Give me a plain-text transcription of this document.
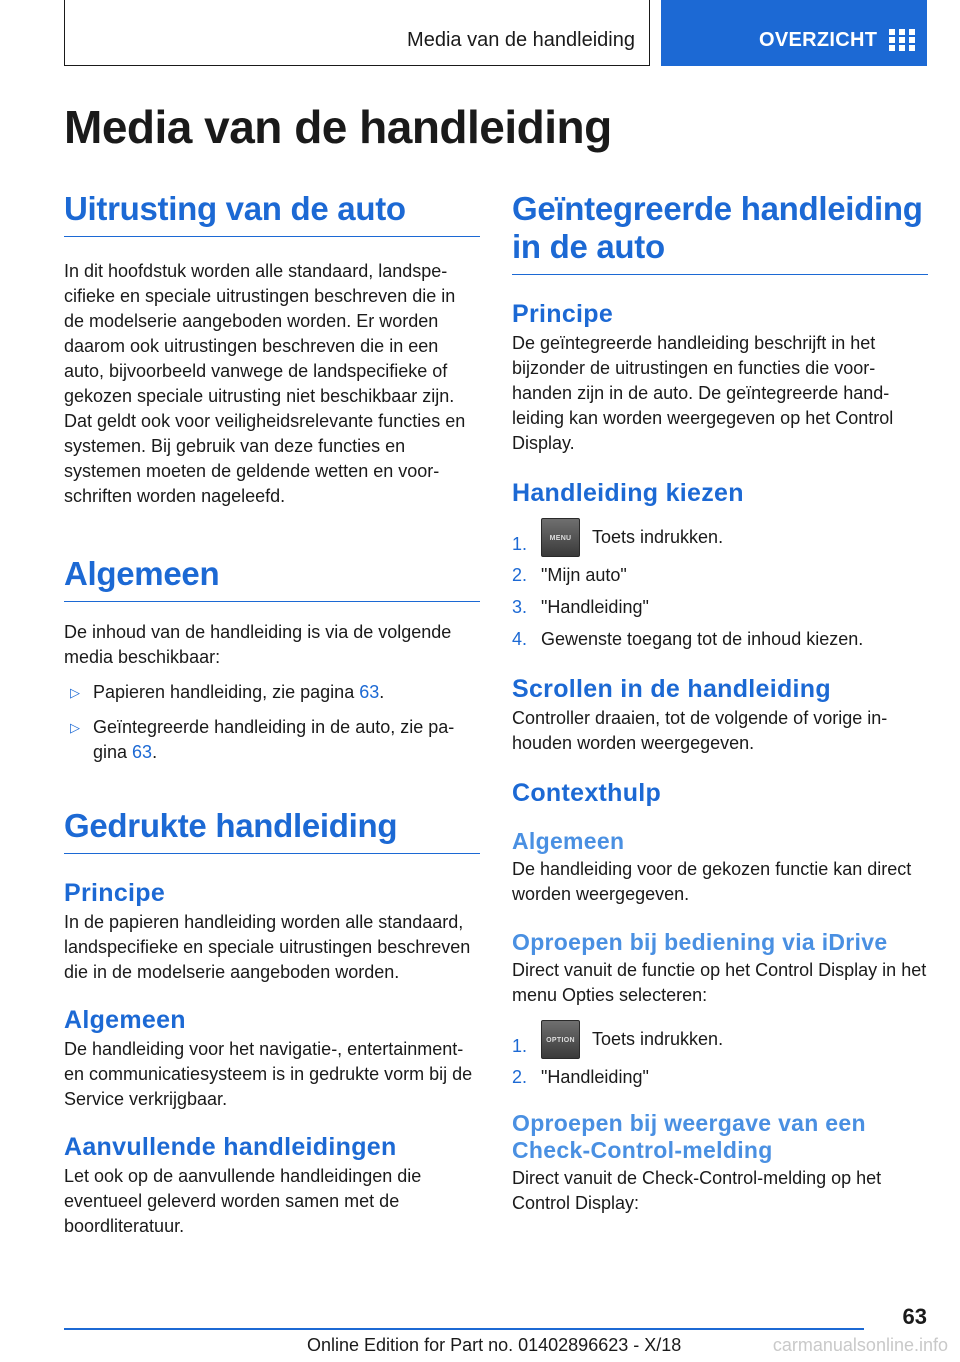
Media van de handleiding	OVERZICHT
Media van de handleiding
Uitrusting van de auto

In dit hoofdstuk worden alle standaard, landspecifieke en speciale uitrustingen beschreven die in de modelserie aangeboden worden. Er worden daarom ook uitrustingen beschreven die in een auto, bijvoorbeeld vanwege de landspecifieke of gekozen speciale uitrusting niet beschikbaar zijn. Dat geldt ook voor veiligheidsrelevante functies en systemen. Bij gebruik van deze functies en systemen moeten de geldende wetten en voorschriften worden nageleefd.

Algemeen

De inhoud van de handleiding is via de volgende media beschikbaar:

▷ Papieren handleiding, zie pagina 63.
▷ Geïntegreerde handleiding in de auto, zie pagina 63.
Gedrukte handleiding
Principe

In de papieren handleiding worden alle standaard, landspecifieke en speciale uitrustingen beschreven die in de modelserie aangeboden worden.

Algemeen

De handleiding voor het navigatie-, entertainment- en communicatiesysteem is in gedrukte vorm bij de Service verkrijgbaar.

Aanvullende handleidingen

Let ook op de aanvullende handleidingen die eventueel geleverd worden samen met de boordliteratuur.

Geïntegreerde handleiding in de auto
Principe

De geïntegreerde handleiding beschrijft in het bijzonder de uitrustingen en functies die voorhanden zijn in de auto. De geïntegreerde handleiding kan worden weergegeven op het Control Display.

Handleiding kiezen
1.	MENU	Toets indrukken.
2. "Mijn auto"
3. "Handleiding"
4. Gewenste toegang tot de inhoud kiezen.
Scrollen in de handleiding

Controller draaien, tot de volgende of vorige inhouden worden weergegeven.

Contexthulp
Algemeen

De handleiding voor de gekozen functie kan direct worden weergegeven.

Oproepen bij bediening via iDrive

Direct vanuit de functie op het Control Display in het menu Opties selecteren:

1.	OPTION Toets indrukken.
2. "Handleiding"
Oproepen bij weergave van een Check-Control-melding

Direct vanuit de Check-Control-melding op het Control Display:

63
Online Edition for Part no. 01402896623 - X/18	carmanualsonline.info
